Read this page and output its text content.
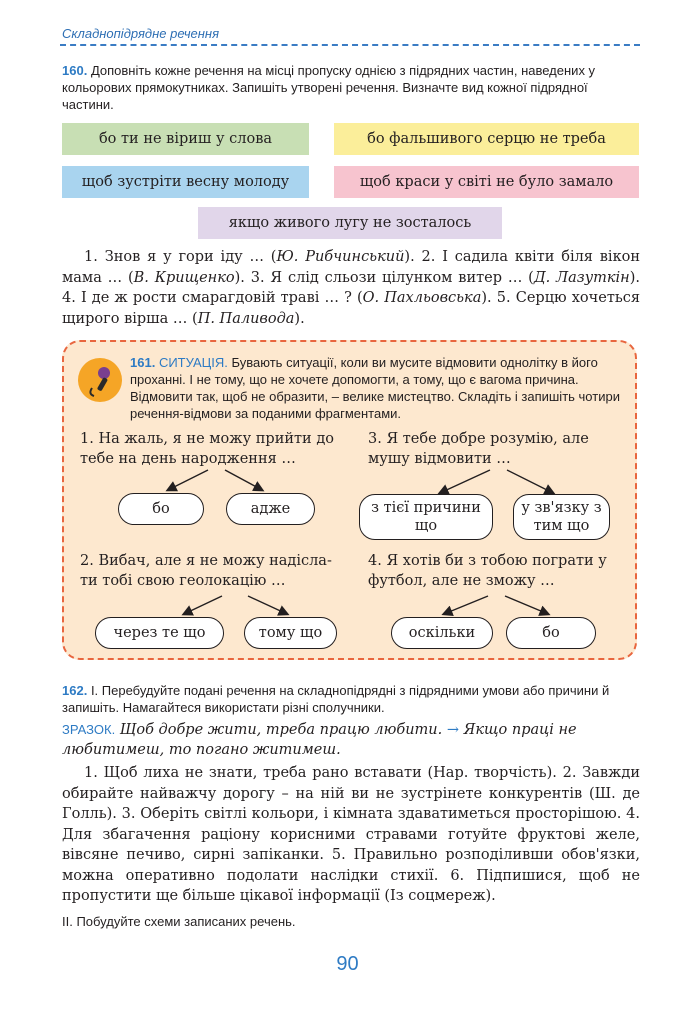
Складнопідрядне речення
160. Доповніть кожне речення на місці пропуску однією з підрядних частин, наведених у кольорових прямокутниках. Запишіть утворені речення. Визначте вид кожної підрядної частини.
бо ти не віриш у слова	бо фальшивого серцю не треба
щоб зустріти весну молоду	щоб краси у світі не було замало
якщо живого лугу не зосталось

1. Знов я у гори іду … (Ю. Рибчинський). 2. І садила квіти біля вікон мама … (В. Крищенко). 3. Я слід сльози цілунком витер … (Д. Лазуткін). 4. І де ж рости смарагдовій траві … ? (О. Пахльовська). 5. Серцю хочеться щирого вірша … (П. Паливода).

161. СИТУАЦІЯ. Бувають ситуації, коли ви мусите відмовити однолітку в його проханні. І не тому, що не хочете допомогти, а тому, що є вагома причина. Відмовити так, щоб не образити, – велике мистецтво. Складіть і запишіть чотири речення-відмови за поданими фрагментами.
1. На жаль, я не можу прийти до
тебе на день народження …
3. Я тебе добре розумію, але
мушу відмовити …
2. Вибач, але я не можу надісла-
ти тобі свою геолокацію …
4. Я хотів би з тобою пограти у
футбол, але не зможу …
бо	адже	з тієї причини що
у зв'язку з тим що
через те що	тому що	оскільки	бо
162. І. Перебудуйте подані речення на складнопідрядні з підрядними умови або причини й запишіть. Намагайтеся використати різні сполучники.
ЗРАЗОК. Щоб добре жити, треба працю любити. → Якщо праці не любитимеш, то погано житимеш.

1. Щоб лиха не знати, треба рано вставати (Нар. творчість). 2. Завжди обирайте найважчу дорогу – на ній ви не зустрінете конкурентів (Ш. де Голль). 3. Оберіть світлі кольори, і кімната здаватиметься просторішою. 4. Для збагачення раціону корисними стравами готуйте фруктові желе, вівсяне печиво, сирні запіканки. 5. Правильно розподіливши обов'язки, можна оперативно подолати наслідки стихії. 6. Підпишися, щоб не пропустити ще більше цікавої інформації (Із соцмереж).

II. Побудуйте схеми записаних речень.
90
